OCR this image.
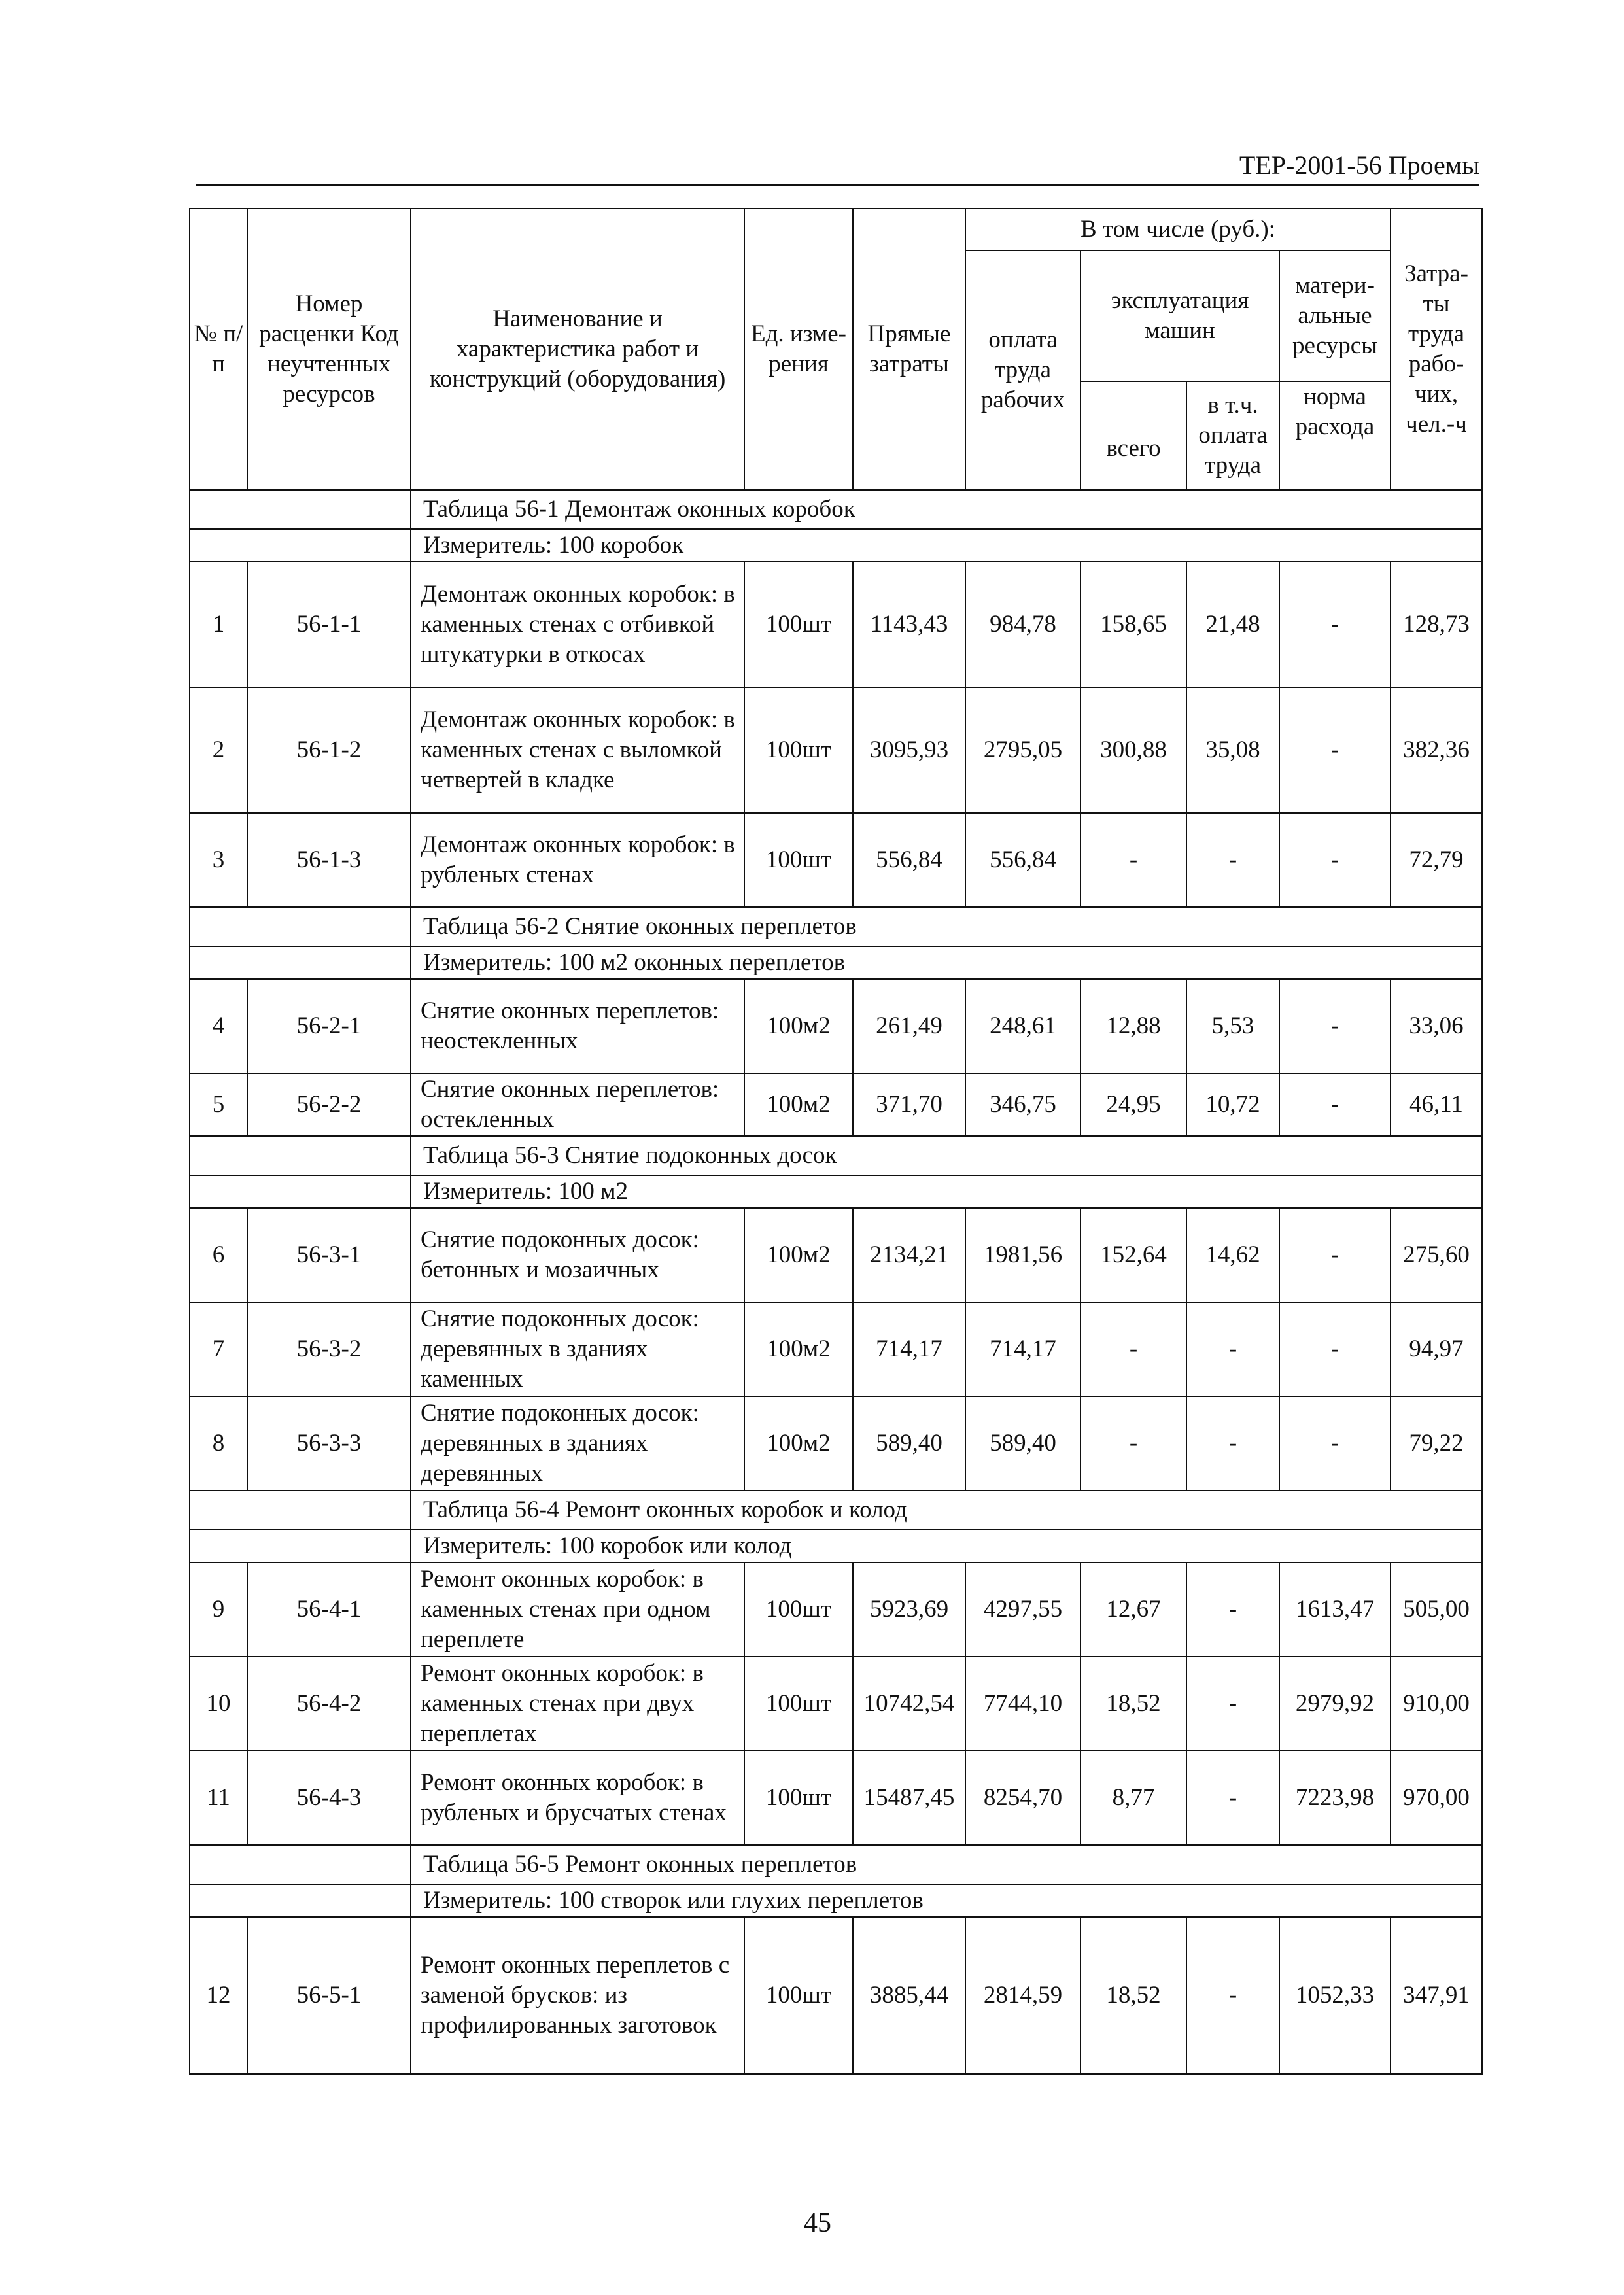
ТЕР-2001-56 Проемы
№ п/п	Номер расценки Код неучтенных ресурсов	Наименование и характеристика работ и конструкций (оборудования)	Ед. изме-рения	Прямые затраты	В том числе (руб.):				Затра-ты труда рабо-чих, чел.-ч
					оплата труда рабочих	эксплуатация машин		матери-альные ресурсы	
						всего	в т.ч. оплата труда	норма расхода	
		Таблица 56-1 Демонтаж оконных коробок							
		Измеритель: 100 коробок							
1	56-1-1	Демонтаж оконных коробок: в каменных стенах с отбивкой штукатурки в откосах	100шт	1143,43	984,78	158,65	21,48	-	128,73
2	56-1-2	Демонтаж оконных коробок: в каменных стенах с выломкой четвертей в кладке	100шт	3095,93	2795,05	300,88	35,08	-	382,36
3	56-1-3	Демонтаж оконных коробок: в рубленых стенах	100шт	556,84	556,84	-	-	-	72,79
		Таблица 56-2 Снятие оконных переплетов							
		Измеритель: 100 м2 оконных переплетов							
4	56-2-1	Снятие оконных переплетов: неостекленных	100м2	261,49	248,61	12,88	5,53	-	33,06
5	56-2-2	Снятие оконных переплетов: остекленных	100м2	371,70	346,75	24,95	10,72	-	46,11
		Таблица 56-3 Снятие подоконных досок							
		Измеритель: 100 м2							
6	56-3-1	Снятие подоконных досок: бетонных и мозаичных	100м2	2134,21	1981,56	152,64	14,62	-	275,60
7	56-3-2	Снятие подоконных досок: деревянных в зданиях каменных	100м2	714,17	714,17	-	-	-	94,97
8	56-3-3	Снятие подоконных досок: деревянных в зданиях деревянных	100м2	589,40	589,40	-	-	-	79,22
		Таблица 56-4 Ремонт оконных коробок и колод							
		Измеритель: 100 коробок или колод							
9	56-4-1	Ремонт оконных коробок: в каменных стенах при одном переплете	100шт	5923,69	4297,55	12,67	-	1613,47	505,00
10	56-4-2	Ремонт оконных коробок: в каменных стенах при двух переплетах	100шт	10742,54	7744,10	18,52	-	2979,92	910,00
11	56-4-3	Ремонт оконных коробок: в рубленых и брусчатых стенах	100шт	15487,45	8254,70	8,77	-	7223,98	970,00
		Таблица 56-5 Ремонт оконных переплетов							
		Измеритель: 100 створок или глухих переплетов							
12	56-5-1	Ремонт оконных переплетов с заменой брусков: из профилированных заготовок	100шт	3885,44	2814,59	18,52	-	1052,33	347,91
45
